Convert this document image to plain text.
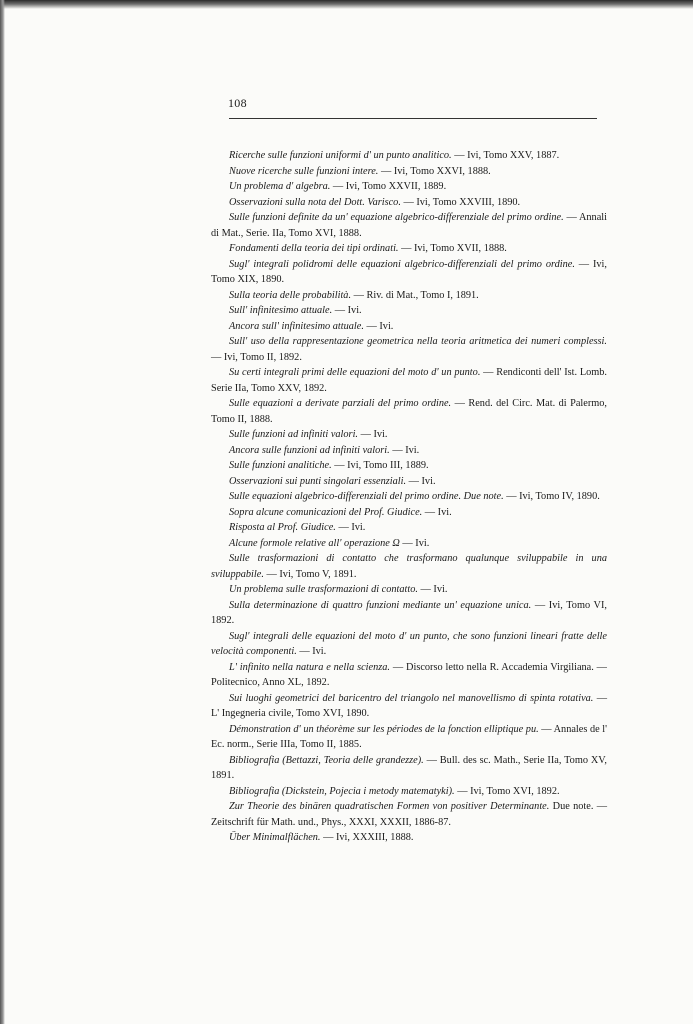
108

Ricerche sulle funzioni uniformi d' un punto analitico. — Ivi, Tomo XXV, 1887.

Nuove ricerche sulle funzioni intere. — Ivi, Tomo XXVI, 1888.

Un problema d' algebra. — Ivi, Tomo XXVII, 1889.

Osservazioni sulla nota del Dott. Varisco. — Ivi, Tomo XXVIII, 1890.

Sulle funzioni definite da un' equazione algebrico-differenziale del primo ordine. — Annali di Mat., Serie. IIa, Tomo XVI, 1888.

Fondamenti della teoria dei tipi ordinati. — Ivi, Tomo XVII, 1888.

Sugl' integrali polidromi delle equazioni algebrico-differenziali del primo ordine. — Ivi, Tomo XIX, 1890.

Sulla teoria delle probabilità. — Riv. di Mat., Tomo I, 1891.

Sull' infinitesimo attuale. — Ivi.

Ancora sull' infinitesimo attuale. — Ivi.

Sull' uso della rappresentazione geometrica nella teoria aritmetica dei numeri complessi. — Ivi, Tomo II, 1892.

Su certi integrali primi delle equazioni del moto d' un punto. — Rendiconti dell' Ist. Lomb. Serie IIa, Tomo XXV, 1892.

Sulle equazioni a derivate parziali del primo ordine. — Rend. del Circ. Mat. di Palermo, Tomo II, 1888.

Sulle funzioni ad infiniti valori. — Ivi.

Ancora sulle funzioni ad infiniti valori. — Ivi.

Sulle funzioni analitiche. — Ivi, Tomo III, 1889.

Osservazioni sui punti singolari essenziali. — Ivi.

Sulle equazioni algebrico-differenziali del primo ordine. Due note. — Ivi, Tomo IV, 1890.

Sopra alcune comunicazioni del Prof. Giudice. — Ivi.

Risposta al Prof. Giudice. — Ivi.

Alcune formole relative all' operazione Ω — Ivi.

Sulle trasformazioni di contatto che trasformano qualunque sviluppabile in una sviluppabile. — Ivi, Tomo V, 1891.

Un problema sulle trasformazioni di contatto. — Ivi.

Sulla determinazione di quattro funzioni mediante un' equazione unica. — Ivi, Tomo VI, 1892.

Sugl' integrali delle equazioni del moto d' un punto, che sono funzioni lineari fratte delle velocità componenti. — Ivi.

L' infinito nella natura e nella scienza. — Discorso letto nella R. Accademia Virgiliana. — Politecnico, Anno XL, 1892.

Sui luoghi geometrici del baricentro del triangolo nel manovellismo di spinta rotativa. — L' Ingegneria civile, Tomo XVI, 1890.

Démonstration d' un théorème sur les périodes de la fonction elliptique pu. — Annales de l' Ec. norm., Serie IIIa, Tomo II, 1885.

Bibliografia (Bettazzi, Teoria delle grandezze). — Bull. des sc. Math., Serie IIa, Tomo XV, 1891.

Bibliografia (Dickstein, Pojecia i metody matematyki). — Ivi, Tomo XVI, 1892.

Zur Theorie des binären quadratischen Formen von positiver Determinante. Due note. — Zeitschrift für Math. und., Phys., XXXI, XXXII, 1886-87.

Über Minimalflächen. — Ivi, XXXIII, 1888.
